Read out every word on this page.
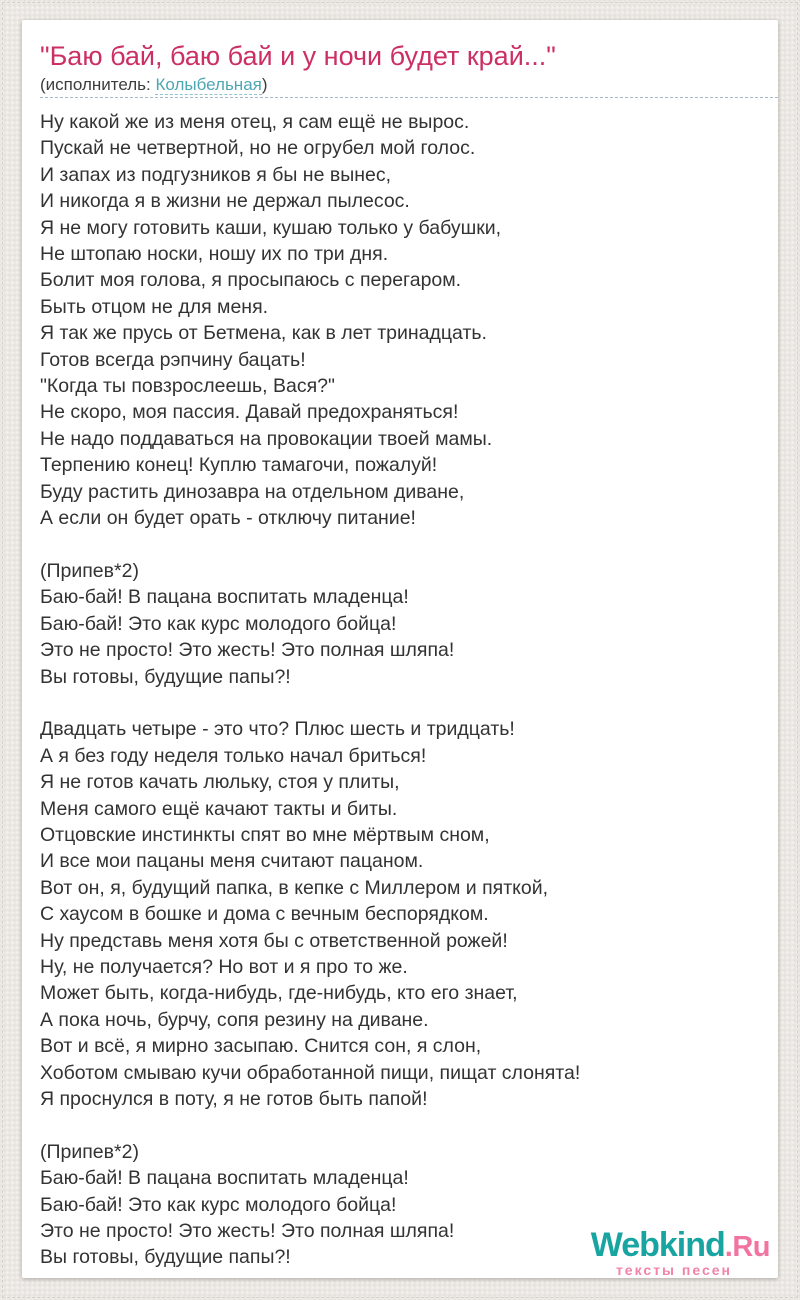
"Баю бай, баю бай и у ночи будет край..."
(исполнитель: Колыбельная)
Ну какой же из меня отец, я сам ещё не вырос.
Пускай не четвертной, но не огрубел мой голос.
И запах из подгузников я бы не вынес,
И никогда я в жизни не держал пылесос.
Я не могу готовить каши, кушаю только у бабушки,
Не штопаю носки, ношу их по три дня.
Болит моя голова, я просыпаюсь с перегаром.
Быть отцом не для меня.
Я так же прусь от Бетмена, как в лет тринадцать.
Готов всегда рэпчину бацать!
"Когда ты повзрослеешь, Вася?"
Не скоро, моя пассия. Давай предохраняться!
Не надо поддаваться на провокации твоей мамы.
Терпению конец! Куплю тамагочи, пожалуй!
Буду растить динозавра на отдельном диване,
А если он будет орать - отключу питание!
(Припев*2)
Баю-бай! В пацана воспитать младенца!
Баю-бай! Это как курс молодого бойца!
Это не просто! Это жесть! Это полная шляпа!
Вы готовы, будущие папы?!
Двадцать четыре - это что? Плюс шесть и тридцать!
А я без году неделя только начал бриться!
Я не готов качать люльку, стоя у плиты,
Меня самого ещё качают такты и биты.
Отцовские инстинкты спят во мне мёртвым сном,
И все мои пацаны меня считают пацаном.
Вот он, я, будущий папка, в кепке с Миллером и пяткой,
С хаусом в бошке и дома с вечным беспорядком.
Ну представь меня хотя бы с ответственной рожей!
Ну, не получается? Но вот и я про то же.
Может быть, когда-нибудь, где-нибудь, кто его знает,
А пока ночь, бурчу, сопя резину на диване.
Вот и всё, я мирно засыпаю. Снится сон, я слон,
Хоботом смываю кучи обработанной пищи, пищат слонята!
Я проснулся в поту, я не готов быть папой!
(Припев*2)
Баю-бай! В пацана воспитать младенца!
Баю-бай! Это как курс молодого бойца!
Это не просто! Это жесть! Это полная шляпа!
Вы готовы, будущие папы?!	Webkind.Ru
тексты песен
